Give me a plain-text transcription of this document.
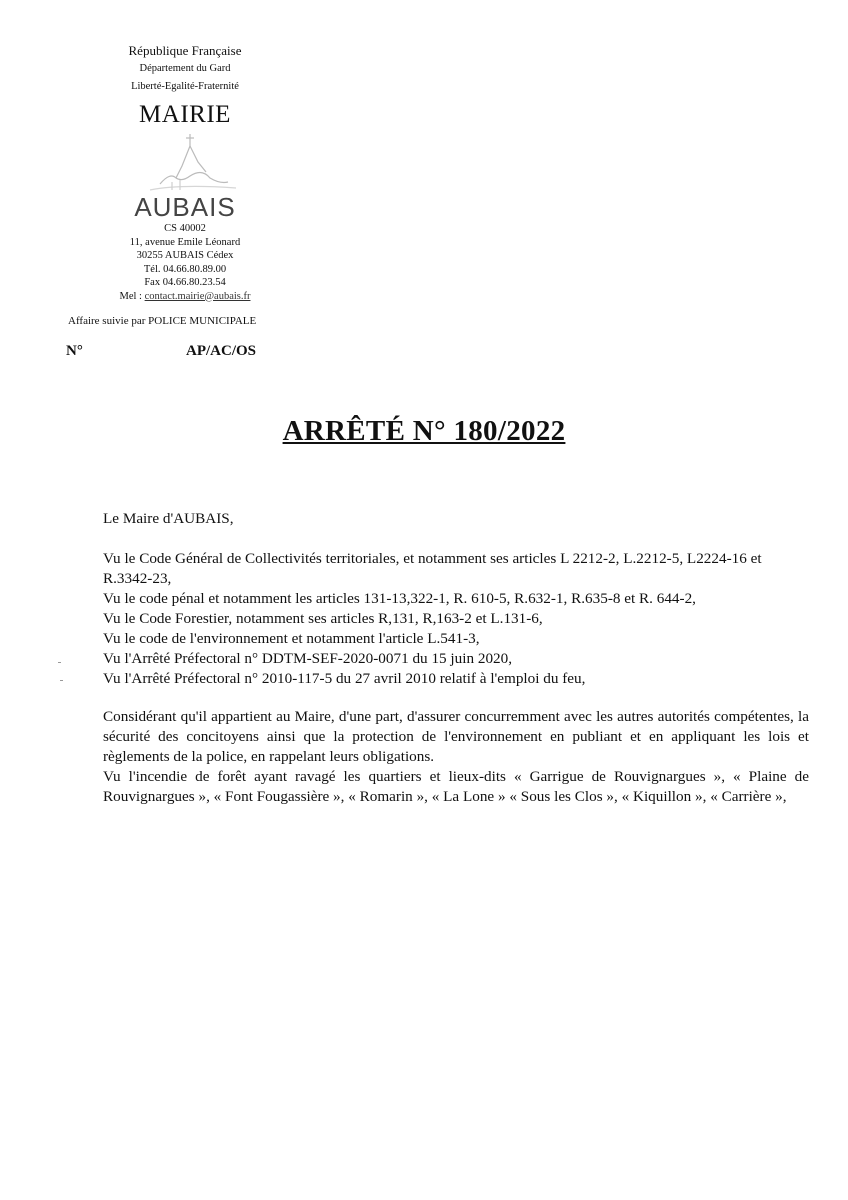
République Française
Département du Gard
Liberté-Egalité-Fraternité
MAIRIE
AUBAIS
CS 40002
11, avenue Emile Léonard
30255 AUBAIS Cédex
Tél. 04.66.80.89.00
Fax 04.66.80.23.54
Mel : contact.mairie@aubais.fr
Affaire suivie par POLICE MUNICIPALE
N°	AP/AC/OS
ARRÊTÉ N° 180/2022
Le Maire d'AUBAIS,

Vu le Code Général de Collectivités territoriales, et notamment ses articles L 2212-2, L.2212-5, L2224-16 et R.3342-23,

Vu le code pénal et notamment les articles 131-13,322-1, R. 610-5, R.632-1, R.635-8 et R. 644-2,

Vu le Code Forestier, notamment ses articles R,131, R,163-2 et L.131-6,

Vu le code de l'environnement et notamment l'article L.541-3,

Vu l'Arrêté Préfectoral n° DDTM-SEF-2020-0071 du 15 juin 2020,

Vu l'Arrêté Préfectoral n° 2010-117-5 du 27 avril 2010 relatif à l'emploi du feu,

Considérant qu'il appartient au Maire, d'une part, d'assurer concurremment avec les autres autorités compétentes, la sécurité des concitoyens ainsi que la protection de l'environnement en publiant et en appliquant les lois et règlements de la police, en rappelant leurs obligations.
Vu l'incendie de forêt ayant ravagé les quartiers et lieux-dits « Garrigue de Rouvignargues », « Plaine de Rouvignargues », « Font Fougassière », « Romarin », « La Lone » « Sous les Clos », « Kiquillon », « Carrière »,
